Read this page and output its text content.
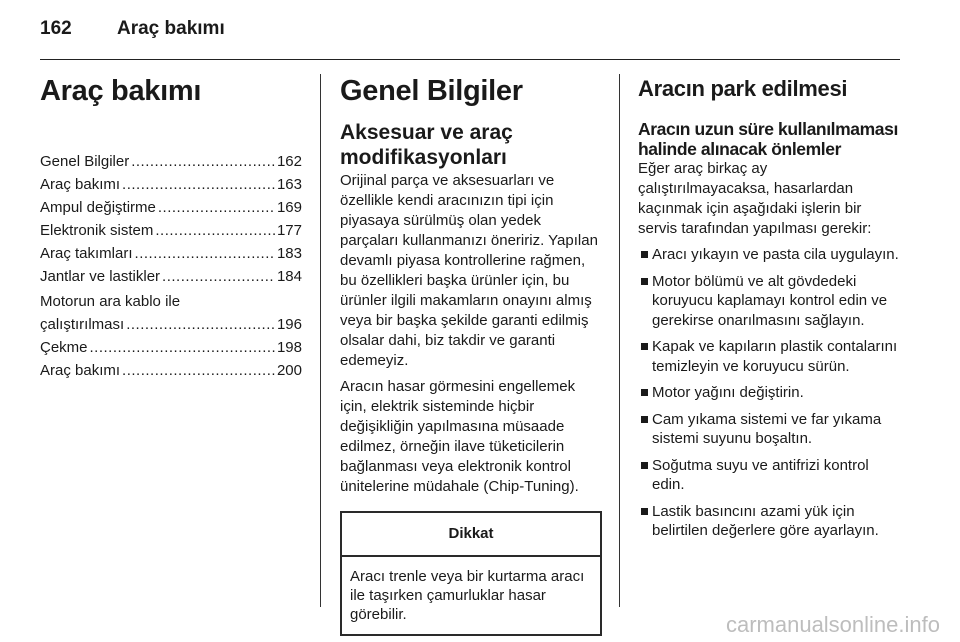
162 Araç bakımı
Araç bakımı
Genel Bilgiler .....	162
Araç bakımı .....	163
Ampul değiştirme .....	169
Elektronik sistem .....	177
Araç takımları .....	183
Jantlar ve lastikler .....	184
Motorun ara kablo ile
çalıştırılması .....	196
Çekme .....	198
Araç bakımı .....	200
Genel Bilgiler
Aksesuar ve araç modifikasyonları

Orijinal parça ve aksesuarları ve özellikle kendi aracınızın tipi için piyasaya sürülmüş olan yedek parçaları kullanmanızı öneririz. Yapılan devamlı piyasa kontrollerine rağmen, bu özellikleri başka ürünler için, bu ürünler ilgili makamların onayını almış veya bir başka şekilde garanti edilmiş olsalar dahi, biz takdir ve garanti edemeyiz.

Aracın hasar görmesini engellemek için, elektrik sisteminde hiçbir değişikliğin yapılmasına müsaade edilmez, örneğin ilave tüketicilerin bağlanması veya elektronik kontrol ünitelerine müdahale (Chip-Tuning).

Dikkat
Aracı trenle veya bir kurtarma aracı ile taşırken çamurluklar hasar görebilir.
Aracın park edilmesi
Aracın uzun süre kullanılmaması halinde alınacak önlemler

Eğer araç birkaç ay çalıştırılmayacaksa, hasarlardan kaçınmak için aşağıdaki işlerin bir servis tarafından yapılması gerekir:

Aracı yıkayın ve pasta cila uygulayın.
Motor bölümü ve alt gövdedeki koruyucu kaplamayı kontrol edin ve gerekirse onarılmasını sağlayın.
Kapak ve kapıların plastik contalarını temizleyin ve koruyucu sürün.
Motor yağını değiştirin.
Cam yıkama sistemi ve far yıkama sistemi suyunu boşaltın.
Soğutma suyu ve antifrizi kontrol edin.
Lastik basıncını azami yük için belirtilen değerlere göre ayarlayın.
carmanualsonline.info
